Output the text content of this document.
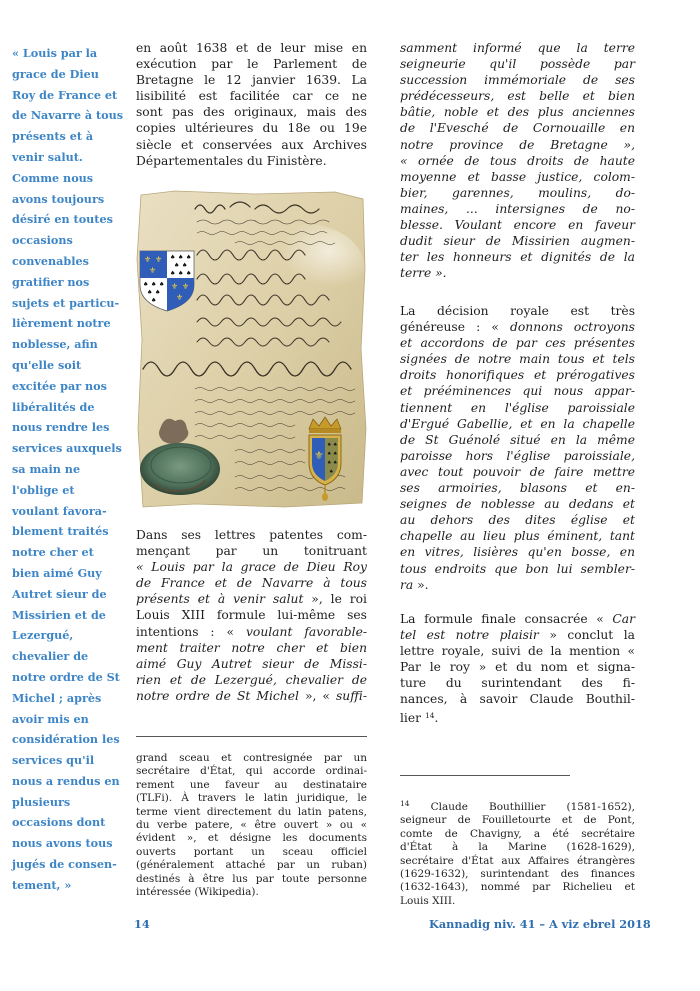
« Louis par la
grace de Dieu
Roy de France et
de Navarre à tous
présents et à
venir salut.
Comme nous
avons toujours
désiré en toutes
occasions
convenables
gratifier nos
sujets et particu-
lièrement notre
noblesse, afin
qu'elle soit
excitée par nos
libéralités de
nous rendre les
services auxquels
sa main ne
l'oblige et
voulant favora-
blement traités
notre cher et
bien aimé Guy
Autret sieur de
Missirien et de
Lezergué,
chevalier de
notre ordre de St
Michel ; après
avoir mis en
considération les
services qu'il
nous a rendus en
plusieurs
occasions dont
nous avons tous
jugés de consen-
tement, »
en août 1638 et de leur mise en
exécution par le Parlement de
Bretagne le 12 janvier 1639. La
lisibilité est facilitée car ce ne
sont pas des originaux, mais des
copies ultérieures du 18e ou 19e
siècle et conservées aux Archives
Départementales du Finistère.
⚜ ⚜
⚜
⚜ ⚜
⚜
♠ ♠ ♠
♠ ♠
♠ ♠ ♠
♠ ♠ ♠
♠ ♠
♠
⚜
♠ ♠
♠ ♠
♠ ♠
♠
Dans ses lettres patentes com-
mençant par un tonitruant
« Louis par la grace de Dieu Roy
de France et de Navarre à tous
présents et à venir salut », le roi
Louis XIII formule lui-même ses
intentions : « voulant favorable-
ment traiter notre cher et bien
aimé Guy Autret sieur de Missi-
rien et de Lezergué, chevalier de
notre ordre de St Michel », « suffi-
grand sceau et contresignée par un
secrétaire d'État, qui accorde ordinai-
rement une faveur au destinataire
(TLFi). À travers le latin juridique, le
terme vient directement du latin patens,
du verbe patere, « être ouvert » ou «
évident », et désigne les documents
ouverts portant un sceau officiel
(généralement attaché par un ruban)
destinés à être lus par toute personne
intéressée (Wikipedia).
samment informé que la terre
seigneurie qu'il possède par
succession immémoriale de ses
prédécesseurs, est belle et bien
bâtie, noble et des plus anciennes
de l'Evesché de Cornouaille en
notre province de Bretagne »,
« ornée de tous droits de haute
moyenne et basse justice, colom-
bier, garennes, moulins, do-
maines, ... intersignes de no-
blesse. Voulant encore en faveur
dudit sieur de Missirien augmen-
ter les honneurs et dignités de la
terre ».
La décision royale est très
généreuse : « donnons octroyons
et accordons de par ces présentes
signées de notre main tous et tels
droits honorifiques et prérogatives
et prééminences qui nous appar-
tiennent en l'église paroissiale
d'Ergué Gabellie, et en la chapelle
de St Guénolé situé en la même
paroisse hors l'église paroissiale,
avec tout pouvoir de faire mettre
ses armoiries, blasons et en-
seignes de noblesse au dedans et
au dehors des dites église et
chapelle au lieu plus éminent, tant
en vitres, lisières qu'en bosse, en
tous endroits que bon lui sembler-
ra ».
La formule finale consacrée « Car
tel est notre plaisir » conclut la
lettre royale, suivi de la mention «
Par le roy » et du nom et signa-
ture du surintendant des fi-
nances, à savoir Claude Bouthil-
lier $^{14}$.
$^{14}$ Claude Bouthillier (1581-1652),
seigneur de Fouilletourte et de Pont,
comte de Chavigny, a été secrétaire
d'État à la Marine (1628-1629),
secrétaire d'État aux Affaires étrangères
(1629-1632), surintendant des finances
(1632-1643), nommé par Richelieu et
Louis XIII.
14	Kannadig niv. 41 – A viz ebrel 2018
